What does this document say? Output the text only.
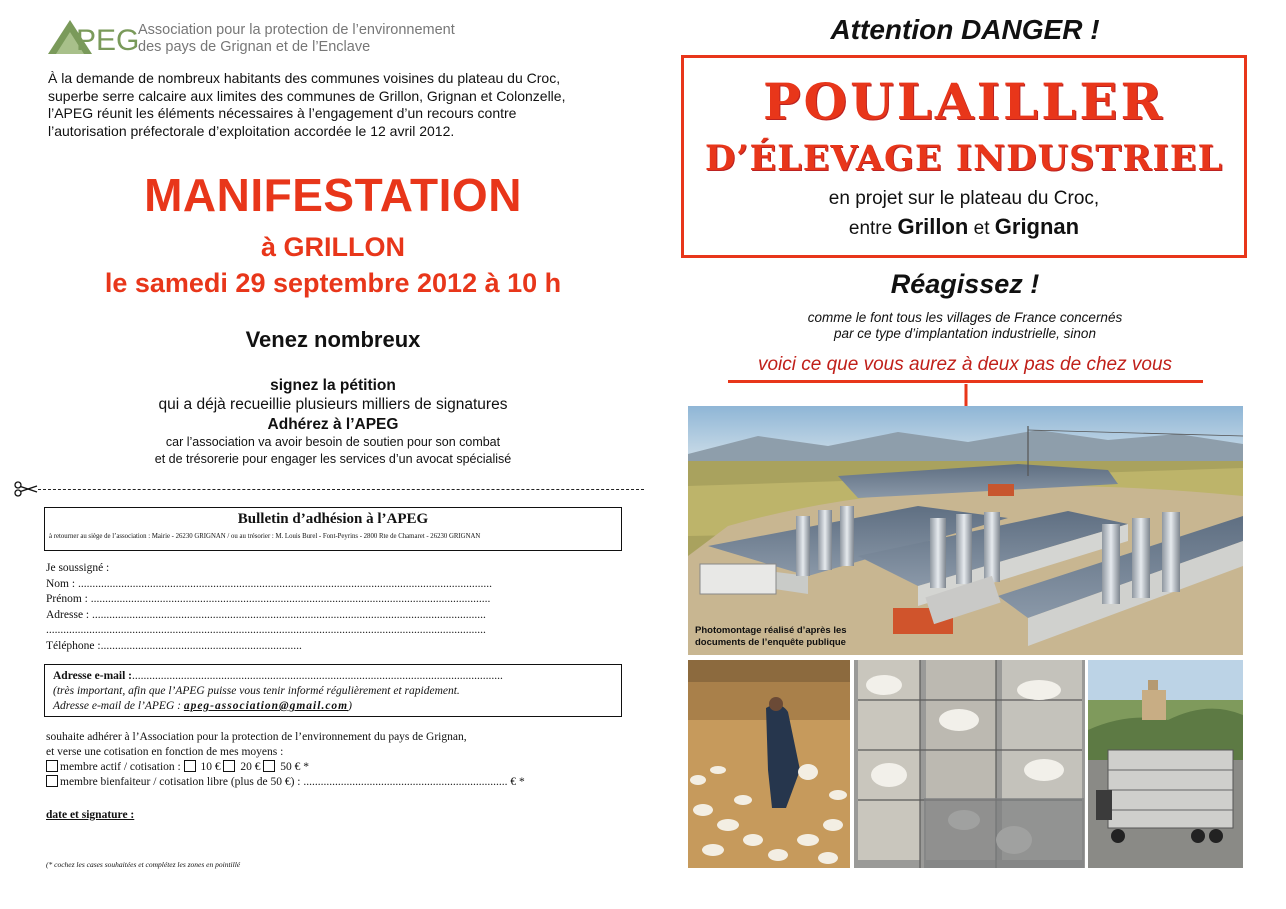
PEG
Association pour la protection de l’environnement
des pays de Grignan et de l’Enclave
À la demande de nombreux habitants des communes voisines du plateau du Croc,
superbe serre calcaire aux limites des communes de Grillon, Grignan et Colonzelle,
l’APEG réunit les éléments nécessaires à l’engagement d’un recours contre
l’autorisation préfectorale d’exploitation accordée le 12 avril 2012.
MANIFESTATION
à GRILLON
le samedi 29 septembre 2012 à 10 h
Venez nombreux
signez la pétition
qui a déjà recueillie plusieurs milliers de signatures
Adhérez à l’APEG
car l’association va avoir besoin de soutien pour son combat
et de trésorerie pour engager les services d’un avocat spécialisé
Bulletin d’adhésion à l’APEG
à retourner au siège de l’association : Mairie - 26230 GRIGNAN / ou au trésorier : M. Louis Burel - Font-Peyrins - 2800 Rte de Chamaret - 26230 GRIGNAN
Je soussigné :
Nom : ................................................................................................................................................
Prénom : ...........................................................................................................................................
Adresse : .........................................................................................................................................
.........................................................................................................................................................
Téléphone :......................................................................
Adresse e-mail :.................................................................................................................................
(très important, afin que l’APEG puisse vous tenir informé régulièrement et rapidement.
Adresse e-mail de l’APEG : apeg-association@gmail.com)
souhaite adhérer à l’Association pour la protection de l’environnement du pays de Grignan,
et verse une cotisation en fonction de mes moyens :
membre actif / cotisation :  10 €  20 €  50 € *
membre bienfaiteur / cotisation libre (plus de 50 €) : ....................................................................... € *
date et signature :
(* cochez les cases souhaitées et complétez les zones en pointillé
Attention DANGER !
POULAILLER
D’ÉLEVAGE INDUSTRIEL
en projet sur le plateau du Croc,
entre Grillon et Grignan
Réagissez !
comme le font tous les villages de France concernés
par ce type d’implantation industrielle, sinon
voici ce que vous aurez à deux pas de chez vous
Photomontage réalisé d’après les
documents de l’enquête publique
